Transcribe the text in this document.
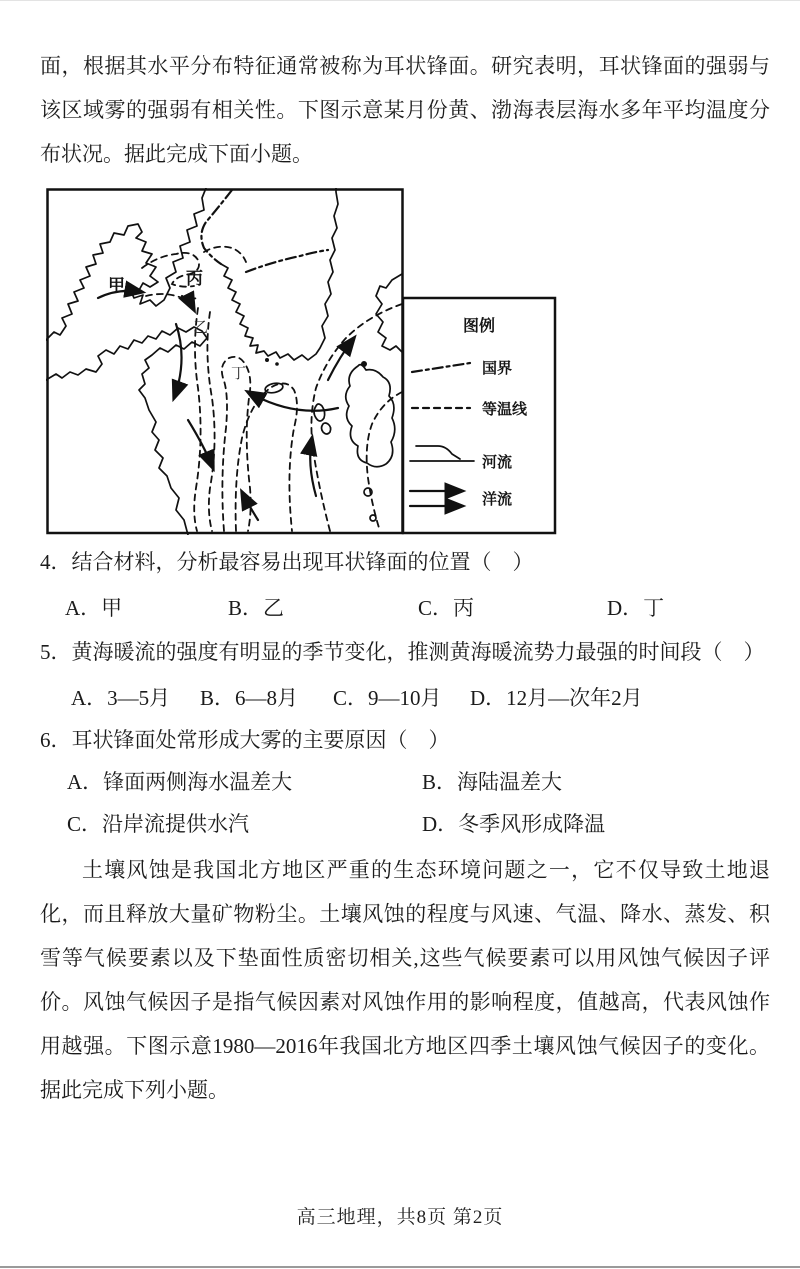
面，根据其水平分布特征通常被称为耳状锋面。研究表明，耳状锋面的强弱与
该区域雾的强弱有相关性。下图示意某月份黄、渤海表层海水多年平均温度分
布状况。据此完成下面小题。
甲	丙
乙
丁
图例
国界
等温线
河流
洋流
4．结合材料，分析最容易出现耳状锋面的位置（　）
A．甲	B．乙	C．丙	D．丁
5．黄海暖流的强度有明显的季节变化，推测黄海暖流势力最强的时间段（　）
A．3—5月 B．6—8月 C．9—10月 D．12月—次年2月
6．耳状锋面处常形成大雾的主要原因（　）
A．锋面两侧海水温差大	B．海陆温差大
C．沿岸流提供水汽	D．冬季风形成降温
土壤风蚀是我国北方地区严重的生态环境问题之一，它不仅导致土地退
化，而且释放大量矿物粉尘。土壤风蚀的程度与风速、气温、降水、蒸发、积
雪等气候要素以及下垫面性质密切相关,这些气候要素可以用风蚀气候因子评
价。风蚀气候因子是指气候因素对风蚀作用的影响程度，值越高，代表风蚀作
用越强。下图示意1980—2016年我国北方地区四季土壤风蚀气候因子的变化。
据此完成下列小题。
高三地理，共8页 第2页
